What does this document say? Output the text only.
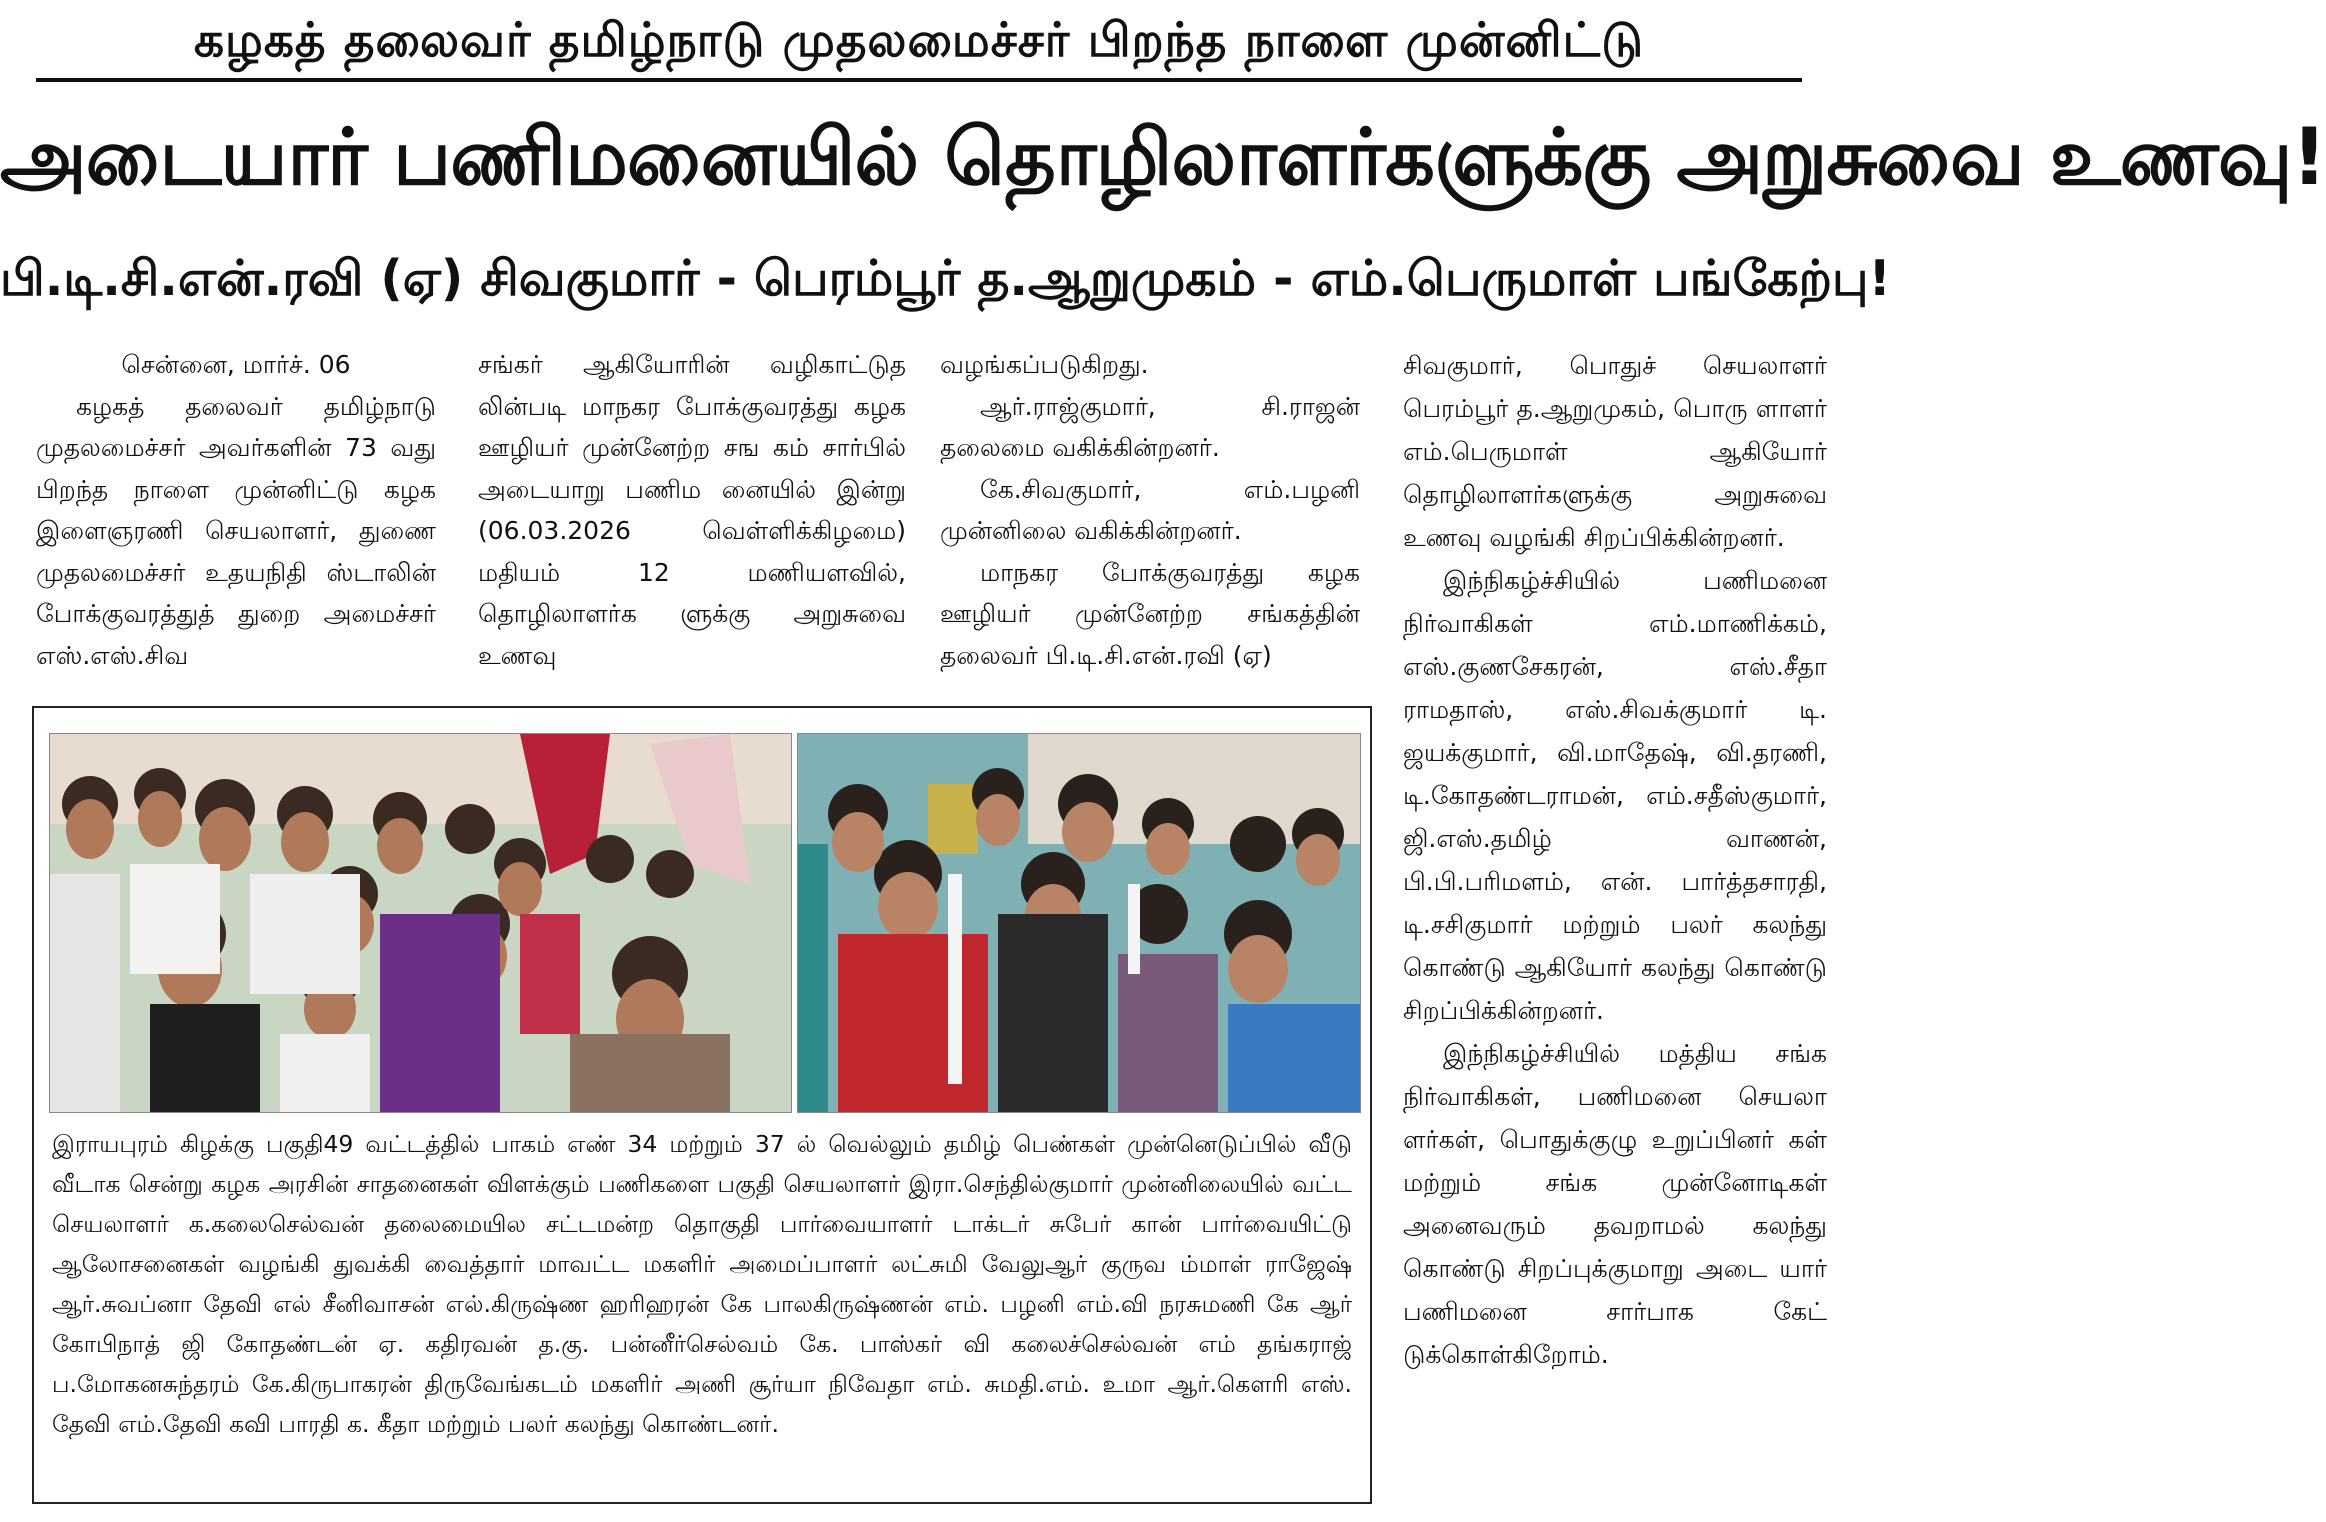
கழகத் தலைவர் தமிழ்நாடு முதலமைச்சர் பிறந்த நாளை முன்னிட்டு
அடையார் பணிமனையில் தொழிலாளர்களுக்கு அறுசுவை உணவு!
பி.டி.சி.என்.ரவி (ஏ) சிவகுமார் - பெரம்பூர் த.ஆறுமுகம் - எம்.பெருமாள் பங்கேற்பு!

சென்னை, மார்ச். 06

கழகத் தலைவர் தமிழ்நாடு முதலமைச்சர் அவர்களின் 73 வது பிறந்த நாளை முன்னிட்டு கழக இளைஞரணி செயலாளர், துணை முதலமைச்சர் உதயநிதி ஸ்டாலின் போக்குவரத்துத் துறை அமைச்சர் எஸ்.எஸ்.சிவ

சங்கர் ஆகியோரின் வழிகாட்டுத லின்படி மாநகர போக்குவரத்து கழக ஊழியர் முன்னேற்ற சங கம் சார்பில் அடையாறு பணிம னையில் இன்று (06.03.2026 வெள்ளிக்கிழமை) மதியம் 12 மணியளவில், தொழிலாளர்க ளுக்கு அறுசுவை உணவு

வழங்கப்படுகிறது.

ஆர்.ராஜ்குமார், சி.ராஜன் தலைமை வகிக்கின்றனர்.

கே.சிவகுமார், எம்.பழனி முன்னிலை வகிக்கின்றனர்.

மாநகர போக்குவரத்து கழக ஊழியர் முன்னேற்ற சங்கத்தின் தலைவர் பி.டி.சி.என்.ரவி (ஏ)

சிவகுமார், பொதுச் செயலாளர் பெரம்பூர் த.ஆறுமுகம், பொரு ளாளர் எம்.பெருமாள் ஆகியோர் தொழிலாளர்களுக்கு அறுசுவை உணவு வழங்கி சிறப்பிக்கின்றனர்.

இந்நிகழ்ச்சியில் பணிமனை நிர்வாகிகள் எம்.மாணிக்கம், எஸ்.குணசேகரன், எஸ்.சீதா ராமதாஸ், எஸ்.சிவக்குமார் டி. ஜயக்குமார், வி.மாதேஷ், வி.தரணி, டி.கோதண்டராமன், எம்.சதீஸ்குமார், ஜி.எஸ்.தமிழ் வாணன், பி.பி.பரிமளம், என். பார்த்தசாரதி, டி.சசிகுமார் மற்றும் பலர் கலந்து கொண்டு ஆகியோர் கலந்து கொண்டு சிறப்பிக்கின்றனர்.

இந்நிகழ்ச்சியில் மத்திய சங்க நிர்வாகிகள், பணிமனை செயலா ளர்கள், பொதுக்குழு உறுப்பினர் கள் மற்றும் சங்க முன்னோடிகள் அனைவரும் தவறாமல் கலந்து கொண்டு சிறப்புக்குமாறு அடை யார் பணிமனை சார்பாக கேட் டுக்கொள்கிறோம்.

இராயபுரம் கிழக்கு பகுதி49 வட்டத்தில் பாகம் எண் 34 மற்றும் 37 ல் வெல்லும் தமிழ் பெண்கள் முன்னெடுப்பில் வீடு வீடாக சென்று கழக அரசின் சாதனைகள் விளக்கும் பணிகளை பகுதி செயலாளர் இரா.செந்தில்குமார் முன்னிலையில் வட்ட செயலாளர் க.கலைசெல்வன் தலைமையில சட்டமன்ற தொகுதி பார்வையாளர் டாக்டர் சுபேர் கான் பார்வையிட்டு ஆலோசனைகள் வழங்கி துவக்கி வைத்தார் மாவட்ட மகளிர் அமைப்பாளர் லட்சுமி வேலுஆர் குருவ ம்மாள் ராஜேஷ் ஆர்.சுவப்னா தேவி எல் சீனிவாசன் எல்.கிருஷ்ண ஹரிஹரன் கே பாலகிருஷ்ணன் எம். பழனி எம்.வி நரசுமணி கே ஆர் கோபிநாத் ஜி கோதண்டன் ஏ. கதிரவன் த.கு. பன்னீர்செல்வம் கே. பாஸ்கர் வி கலைச்செல்வன் எம் தங்கராஜ் ப.மோகனசுந்தரம் கே.கிருபாகரன் திருவேங்கடம் மகளிர் அணி சூர்யா நிவேதா எம். சுமதி.எம். உமா ஆர்.கௌரி எஸ். தேவி எம்.தேவி கவி பாரதி க. கீதா மற்றும் பலர் கலந்து கொண்டனர்.
